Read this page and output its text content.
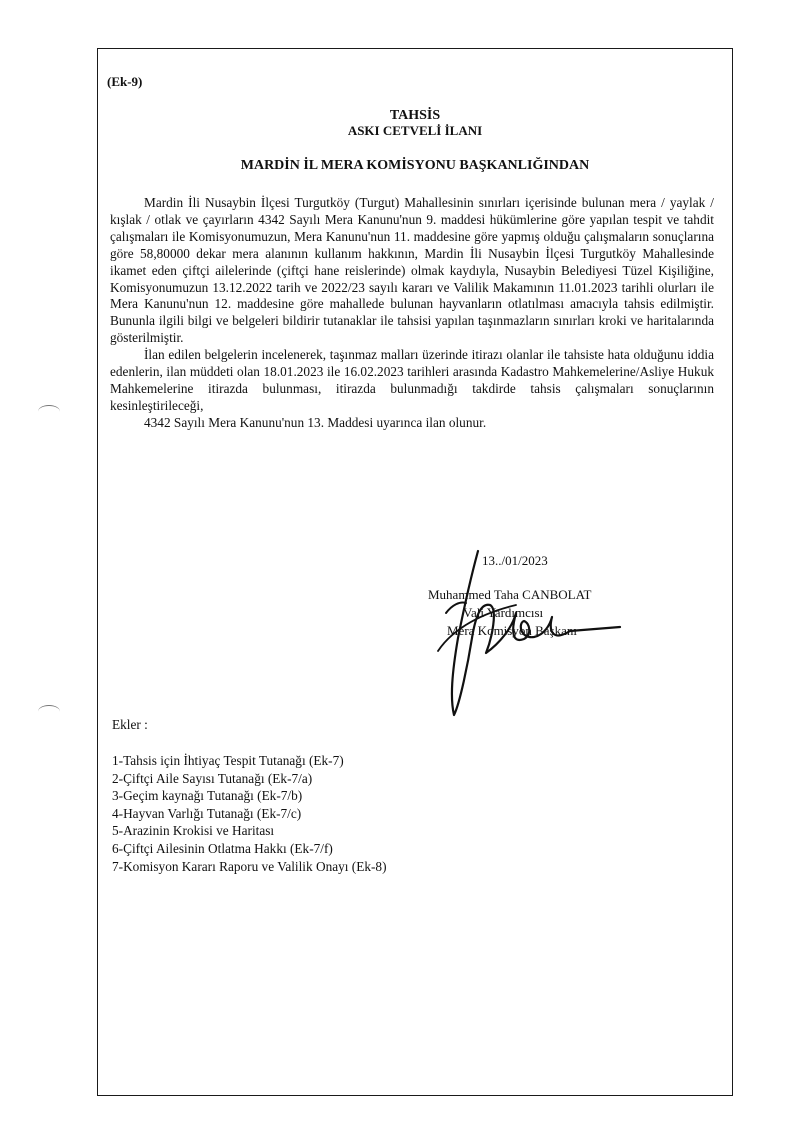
(Ek-9)
TAHSİS
ASKI CETVELİ İLANI
MARDİN İL MERA KOMİSYONU BAŞKANLIĞINDAN

Mardin İli Nusaybin İlçesi Turgutköy (Turgut) Mahallesinin sınırları içerisinde bulunan mera / yaylak / kışlak / otlak ve çayırların 4342 Sayılı Mera Kanunu'nun 9. maddesi hükümlerine göre yapılan tespit ve tahdit çalışmaları ile Komisyonumuzun, Mera Kanunu'nun 11. maddesine göre yapmış olduğu çalışmaların sonuçlarına göre 58,80000 dekar mera alanının kullanım hakkının, Mardin İli Nusaybin İlçesi Turgutköy Mahallesinde ikamet eden çiftçi ailelerinde (çiftçi hane reislerinde) olmak kaydıyla, Nusaybin Belediyesi Tüzel Kişiliğine, Komisyonumuzun 13.12.2022 tarih ve 2022/23 sayılı kararı ve Valilik Makamının 11.01.2023 tarihli olurları ile Mera Kanunu'nun 12. maddesine göre mahallede bulunan hayvanların otlatılması amacıyla tahsis edilmiştir. Bununla ilgili bilgi ve belgeleri bildirir tutanaklar ile tahsisi yapılan taşınmazların sınırları kroki ve haritalarında gösterilmiştir.

İlan edilen belgelerin incelenerek, taşınmaz malları üzerinde itirazı olanlar ile tahsiste hata olduğunu iddia edenlerin, ilan müddeti olan 18.01.2023 ile 16.02.2023 tarihleri arasında Kadastro Mahkemelerine/Asliye Hukuk Mahkemelerine itirazda bulunması, itirazda bulunmadığı takdirde tahsis çalışmaları sonuçlarının kesinleştirileceği,

4342 Sayılı Mera Kanunu'nun 13. Maddesi uyarınca ilan olunur.

13../01/2023
Muhammed Taha CANBOLAT
Vali Yardımcısı
Mera Komisyon Başkanı
Ekler :
1-Tahsis için İhtiyaç Tespit Tutanağı (Ek-7)
2-Çiftçi Aile Sayısı Tutanağı (Ek-7/a)
3-Geçim kaynağı Tutanağı (Ek-7/b)
4-Hayvan Varlığı Tutanağı (Ek-7/c)
5-Arazinin Krokisi ve Haritası
6-Çiftçi Ailesinin Otlatma Hakkı (Ek-7/f)
7-Komisyon Kararı Raporu ve Valilik Onayı (Ek-8)
